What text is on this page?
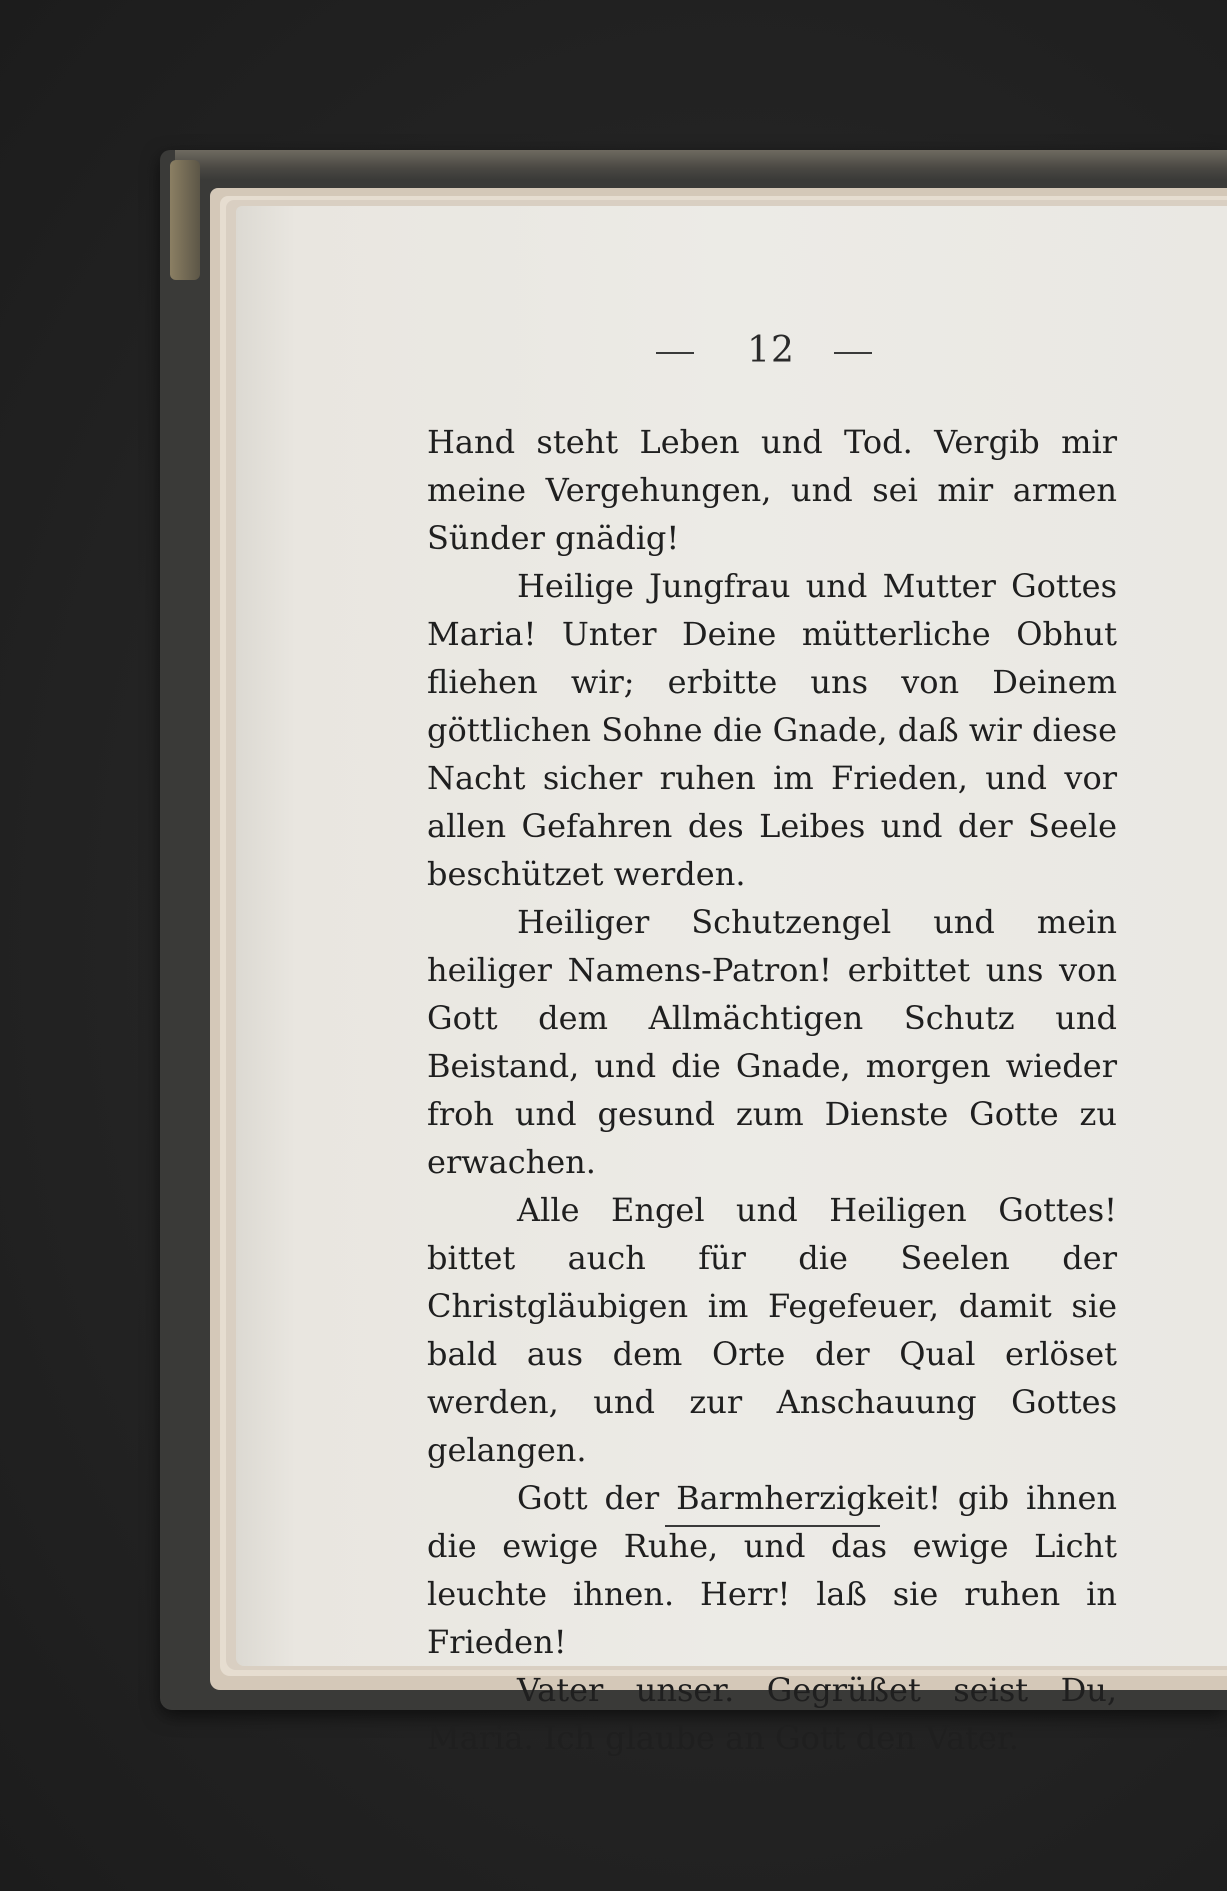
12

Hand steht Leben und Tod. Vergib mir meine Vergehungen, und sei mir armen Sünder gnädig!

Heilige Jungfrau und Mutter Gottes Maria! Unter Deine mütterliche Obhut fliehen wir; erbitte uns von Deinem göttlichen Sohne die Gnade, daß wir diese Nacht sicher ruhen im Frieden, und vor allen Gefahren des Leibes und der Seele beschützet werden.

Heiliger Schutzengel und mein heiliger Namens-Patron! erbittet uns von Gott dem Allmächtigen Schutz und Beistand, und die Gnade, morgen wieder froh und gesund zum Dienste Gotte zu erwachen.

Alle Engel und Heiligen Gottes! bittet auch für die Seelen der Christgläubigen im Fegefeuer, damit sie bald aus dem Orte der Qual erlöset werden, und zur Anschauung Gottes gelangen.

Gott der Barmherzigkeit! gib ihnen die ewige Ruhe, und das ewige Licht leuchte ihnen. Herr! laß sie ruhen in Frieden!

Vater unser. Gegrüßet seist Du, Maria. Ich glaube an Gott den Vater.
